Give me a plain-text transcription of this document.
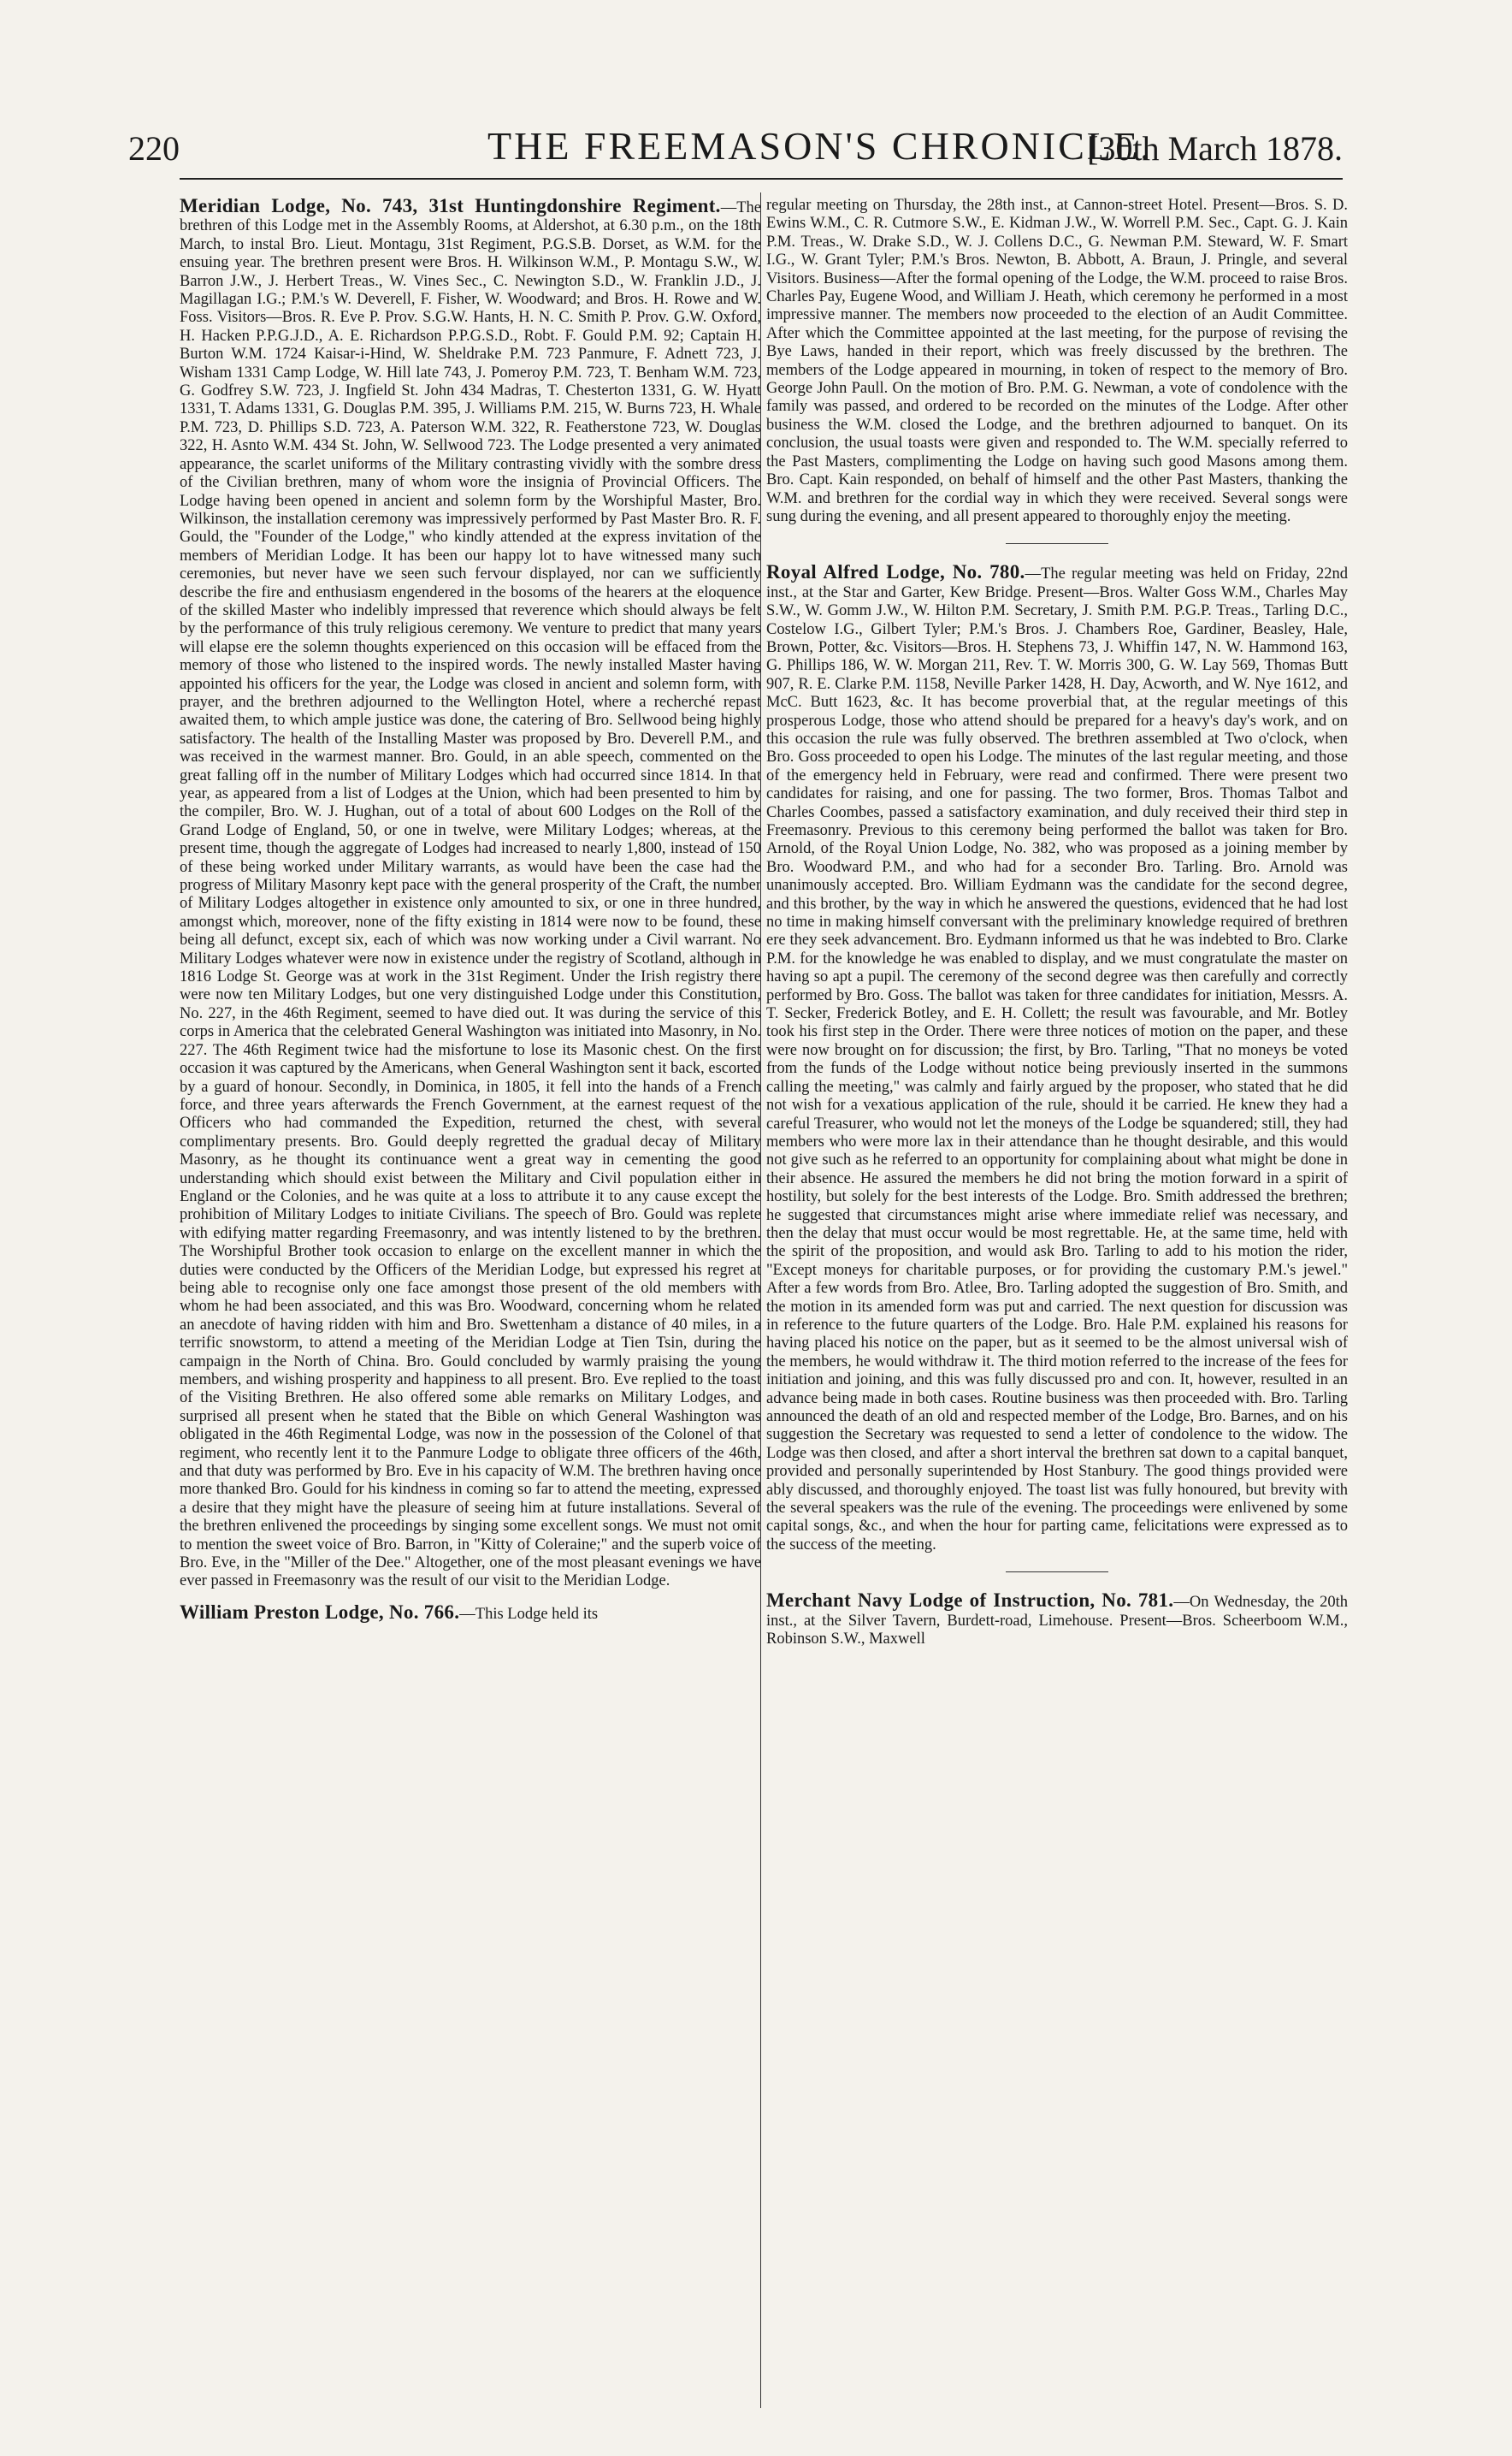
220	THE FREEMASON'S CHRONICLE.
[30th March 1878.

Meridian Lodge, No. 743, 31st Huntingdonshire Regiment.—The brethren of this Lodge met in the Assembly Rooms, at Aldershot, at 6.30 p.m., on the 18th March, to instal Bro. Lieut. Montagu, 31st Regiment, P.G.S.B. Dorset, as W.M. for the ensuing year. The brethren present were Bros. H. Wilkinson W.M., P. Montagu S.W., W. Barron J.W., J. Herbert Treas., W. Vines Sec., C. Newington S.D., W. Franklin J.D., J. Magillagan I.G.; P.M.'s W. Deverell, F. Fisher, W. Woodward; and Bros. H. Rowe and W. Foss. Visitors—Bros. R. Eve P. Prov. S.G.W. Hants, H. N. C. Smith P. Prov. G.W. Oxford, H. Hacken P.P.G.J.D., A. E. Richardson P.P.G.S.D., Robt. F. Gould P.M. 92; Captain H. Burton W.M. 1724 Kaisar-i-Hind, W. Sheldrake P.M. 723 Panmure, F. Adnett 723, J. Wisham 1331 Camp Lodge, W. Hill late 743, J. Pomeroy P.M. 723, T. Benham W.M. 723, G. Godfrey S.W. 723, J. Ingfield St. John 434 Madras, T. Chesterton 1331, G. W. Hyatt 1331, T. Adams 1331, G. Douglas P.M. 395, J. Williams P.M. 215, W. Burns 723, H. Whale P.M. 723, D. Phillips S.D. 723, A. Paterson W.M. 322, R. Featherstone 723, W. Douglas 322, H. Asnto W.M. 434 St. John, W. Sellwood 723. The Lodge presented a very animated appearance, the scarlet uniforms of the Military contrasting vividly with the sombre dress of the Civilian brethren, many of whom wore the insignia of Provincial Officers. The Lodge having been opened in ancient and solemn form by the Worshipful Master, Bro. Wilkinson, the installation ceremony was impressively performed by Past Master Bro. R. F. Gould, the "Founder of the Lodge," who kindly attended at the express invitation of the members of Meridian Lodge. It has been our happy lot to have witnessed many such ceremonies, but never have we seen such fervour displayed, nor can we sufficiently describe the fire and enthusiasm engendered in the bosoms of the hearers at the eloquence of the skilled Master who indelibly impressed that reverence which should always be felt by the performance of this truly religious ceremony. We venture to predict that many years will elapse ere the solemn thoughts experienced on this occasion will be effaced from the memory of those who listened to the inspired words. The newly installed Master having appointed his officers for the year, the Lodge was closed in ancient and solemn form, with prayer, and the brethren adjourned to the Wellington Hotel, where a recherché repast awaited them, to which ample justice was done, the catering of Bro. Sellwood being highly satisfactory. The health of the Installing Master was proposed by Bro. Deverell P.M., and was received in the warmest manner. Bro. Gould, in an able speech, commented on the great falling off in the number of Military Lodges which had occurred since 1814. In that year, as appeared from a list of Lodges at the Union, which had been presented to him by the compiler, Bro. W. J. Hughan, out of a total of about 600 Lodges on the Roll of the Grand Lodge of England, 50, or one in twelve, were Military Lodges; whereas, at the present time, though the aggregate of Lodges had increased to nearly 1,800, instead of 150 of these being worked under Military warrants, as would have been the case had the progress of Military Masonry kept pace with the general prosperity of the Craft, the number of Military Lodges altogether in existence only amounted to six, or one in three hundred, amongst which, moreover, none of the fifty existing in 1814 were now to be found, these being all defunct, except six, each of which was now working under a Civil warrant. No Military Lodges whatever were now in existence under the registry of Scotland, although in 1816 Lodge St. George was at work in the 31st Regiment. Under the Irish registry there were now ten Military Lodges, but one very distinguished Lodge under this Constitution, No. 227, in the 46th Regiment, seemed to have died out. It was during the service of this corps in America that the celebrated General Washington was initiated into Masonry, in No. 227. The 46th Regiment twice had the misfortune to lose its Masonic chest. On the first occasion it was captured by the Americans, when General Washington sent it back, escorted by a guard of honour. Secondly, in Dominica, in 1805, it fell into the hands of a French force, and three years afterwards the French Government, at the earnest request of the Officers who had commanded the Expedition, returned the chest, with several complimentary presents. Bro. Gould deeply regretted the gradual decay of Military Masonry, as he thought its continuance went a great way in cementing the good understanding which should exist between the Military and Civil population either in England or the Colonies, and he was quite at a loss to attribute it to any cause except the prohibition of Military Lodges to initiate Civilians. The speech of Bro. Gould was replete with edifying matter regarding Freemasonry, and was intently listened to by the brethren. The Worshipful Brother took occasion to enlarge on the excellent manner in which the duties were conducted by the Officers of the Meridian Lodge, but expressed his regret at being able to recognise only one face amongst those present of the old members with whom he had been associated, and this was Bro. Woodward, concerning whom he related an anecdote of having ridden with him and Bro. Swettenham a distance of 40 miles, in a terrific snowstorm, to attend a meeting of the Meridian Lodge at Tien Tsin, during the campaign in the North of China. Bro. Gould concluded by warmly praising the young members, and wishing prosperity and happiness to all present. Bro. Eve replied to the toast of the Visiting Brethren. He also offered some able remarks on Military Lodges, and surprised all present when he stated that the Bible on which General Washington was obligated in the 46th Regimental Lodge, was now in the possession of the Colonel of that regiment, who recently lent it to the Panmure Lodge to obligate three officers of the 46th, and that duty was performed by Bro. Eve in his capacity of W.M. The brethren having once more thanked Bro. Gould for his kindness in coming so far to attend the meeting, expressed a desire that they might have the pleasure of seeing him at future installations. Several of the brethren enlivened the proceedings by singing some excellent songs. We must not omit to mention the sweet voice of Bro. Barron, in "Kitty of Coleraine;" and the superb voice of Bro. Eve, in the "Miller of the Dee." Altogether, one of the most pleasant evenings we have ever passed in Freemasonry was the result of our visit to the Meridian Lodge.

William Preston Lodge, No. 766.—This Lodge held its

regular meeting on Thursday, the 28th inst., at Cannon-street Hotel. Present—Bros. S. D. Ewins W.M., C. R. Cutmore S.W., E. Kidman J.W., W. Worrell P.M. Sec., Capt. G. J. Kain P.M. Treas., W. Drake S.D., W. J. Collens D.C., G. Newman P.M. Steward, W. F. Smart I.G., W. Grant Tyler; P.M.'s Bros. Newton, B. Abbott, A. Braun, J. Pringle, and several Visitors. Business—After the formal opening of the Lodge, the W.M. proceed to raise Bros. Charles Pay, Eugene Wood, and William J. Heath, which ceremony he performed in a most impressive manner. The members now proceeded to the election of an Audit Committee. After which the Committee appointed at the last meeting, for the purpose of revising the Bye Laws, handed in their report, which was freely discussed by the brethren. The members of the Lodge appeared in mourning, in token of respect to the memory of Bro. George John Paull. On the motion of Bro. P.M. G. Newman, a vote of condolence with the family was passed, and ordered to be recorded on the minutes of the Lodge. After other business the W.M. closed the Lodge, and the brethren adjourned to banquet. On its conclusion, the usual toasts were given and responded to. The W.M. specially referred to the Past Masters, complimenting the Lodge on having such good Masons among them. Bro. Capt. Kain responded, on behalf of himself and the other Past Masters, thanking the W.M. and brethren for the cordial way in which they were received. Several songs were sung during the evening, and all present appeared to thoroughly enjoy the meeting.

Royal Alfred Lodge, No. 780.—The regular meeting was held on Friday, 22nd inst., at the Star and Garter, Kew Bridge. Present—Bros. Walter Goss W.M., Charles May S.W., W. Gomm J.W., W. Hilton P.M. Secretary, J. Smith P.M. P.G.P. Treas., Tarling D.C., Costelow I.G., Gilbert Tyler; P.M.'s Bros. J. Chambers Roe, Gardiner, Beasley, Hale, Brown, Potter, &c. Visitors—Bros. H. Stephens 73, J. Whiffin 147, N. W. Hammond 163, G. Phillips 186, W. W. Morgan 211, Rev. T. W. Morris 300, G. W. Lay 569, Thomas Butt 907, R. E. Clarke P.M. 1158, Neville Parker 1428, H. Day, Acworth, and W. Nye 1612, and McC. Butt 1623, &c. It has become proverbial that, at the regular meetings of this prosperous Lodge, those who attend should be prepared for a heavy's day's work, and on this occasion the rule was fully observed. The brethren assembled at Two o'clock, when Bro. Goss proceeded to open his Lodge. The minutes of the last regular meeting, and those of the emergency held in February, were read and confirmed. There were present two candidates for raising, and one for passing. The two former, Bros. Thomas Talbot and Charles Coombes, passed a satisfactory examination, and duly received their third step in Freemasonry. Previous to this ceremony being performed the ballot was taken for Bro. Arnold, of the Royal Union Lodge, No. 382, who was proposed as a joining member by Bro. Woodward P.M., and who had for a seconder Bro. Tarling. Bro. Arnold was unanimously accepted. Bro. William Eydmann was the candidate for the second degree, and this brother, by the way in which he answered the questions, evidenced that he had lost no time in making himself conversant with the preliminary knowledge required of brethren ere they seek advancement. Bro. Eydmann informed us that he was indebted to Bro. Clarke P.M. for the knowledge he was enabled to display, and we must congratulate the master on having so apt a pupil. The ceremony of the second degree was then carefully and correctly performed by Bro. Goss. The ballot was taken for three candidates for initiation, Messrs. A. T. Secker, Frederick Botley, and E. H. Collett; the result was favourable, and Mr. Botley took his first step in the Order. There were three notices of motion on the paper, and these were now brought on for discussion; the first, by Bro. Tarling, "That no moneys be voted from the funds of the Lodge without notice being previously inserted in the summons calling the meeting," was calmly and fairly argued by the proposer, who stated that he did not wish for a vexatious application of the rule, should it be carried. He knew they had a careful Treasurer, who would not let the moneys of the Lodge be squandered; still, they had members who were more lax in their attendance than he thought desirable, and this would not give such as he referred to an opportunity for complaining about what might be done in their absence. He assured the members he did not bring the motion forward in a spirit of hostility, but solely for the best interests of the Lodge. Bro. Smith addressed the brethren; he suggested that circumstances might arise where immediate relief was necessary, and then the delay that must occur would be most regrettable. He, at the same time, held with the spirit of the proposition, and would ask Bro. Tarling to add to his motion the rider, "Except moneys for charitable purposes, or for providing the customary P.M.'s jewel." After a few words from Bro. Atlee, Bro. Tarling adopted the suggestion of Bro. Smith, and the motion in its amended form was put and carried. The next question for discussion was in reference to the future quarters of the Lodge. Bro. Hale P.M. explained his reasons for having placed his notice on the paper, but as it seemed to be the almost universal wish of the members, he would withdraw it. The third motion referred to the increase of the fees for initiation and joining, and this was fully discussed pro and con. It, however, resulted in an advance being made in both cases. Routine business was then proceeded with. Bro. Tarling announced the death of an old and respected member of the Lodge, Bro. Barnes, and on his suggestion the Secretary was requested to send a letter of condolence to the widow. The Lodge was then closed, and after a short interval the brethren sat down to a capital banquet, provided and personally superintended by Host Stanbury. The good things provided were ably discussed, and thoroughly enjoyed. The toast list was fully honoured, but brevity with the several speakers was the rule of the evening. The proceedings were enlivened by some capital songs, &c., and when the hour for parting came, felicitations were expressed as to the success of the meeting.

Merchant Navy Lodge of Instruction, No. 781.—On Wednesday, the 20th inst., at the Silver Tavern, Burdett-road, Limehouse. Present—Bros. Scheerboom W.M., Robinson S.W., Maxwell
